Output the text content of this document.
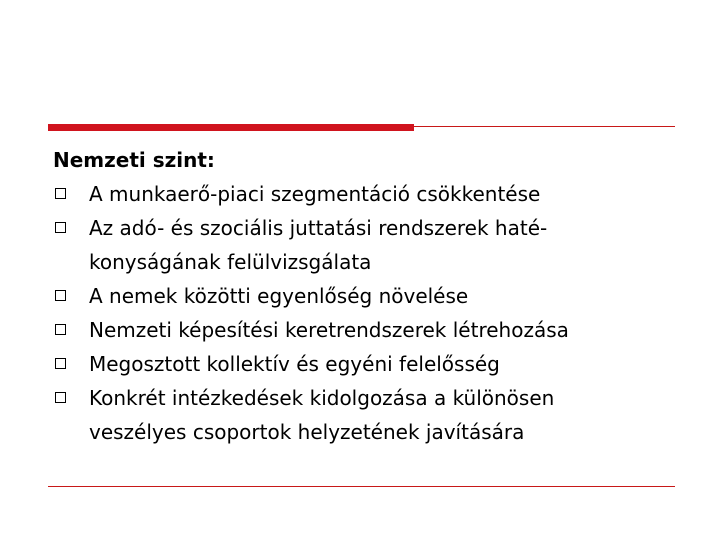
Nemzeti szint:
A munkaerő-piaci szegmentáció csökkentése
Az adó- és szociális juttatási rendszerek haté-
konyságának felülvizsgálata
A nemek közötti egyenlőség növelése
Nemzeti képesítési keretrendszerek létrehozása
Megosztott kollektív és egyéni felelősség
Konkrét intézkedések kidolgozása a különösen
veszélyes csoportok helyzetének javítására
